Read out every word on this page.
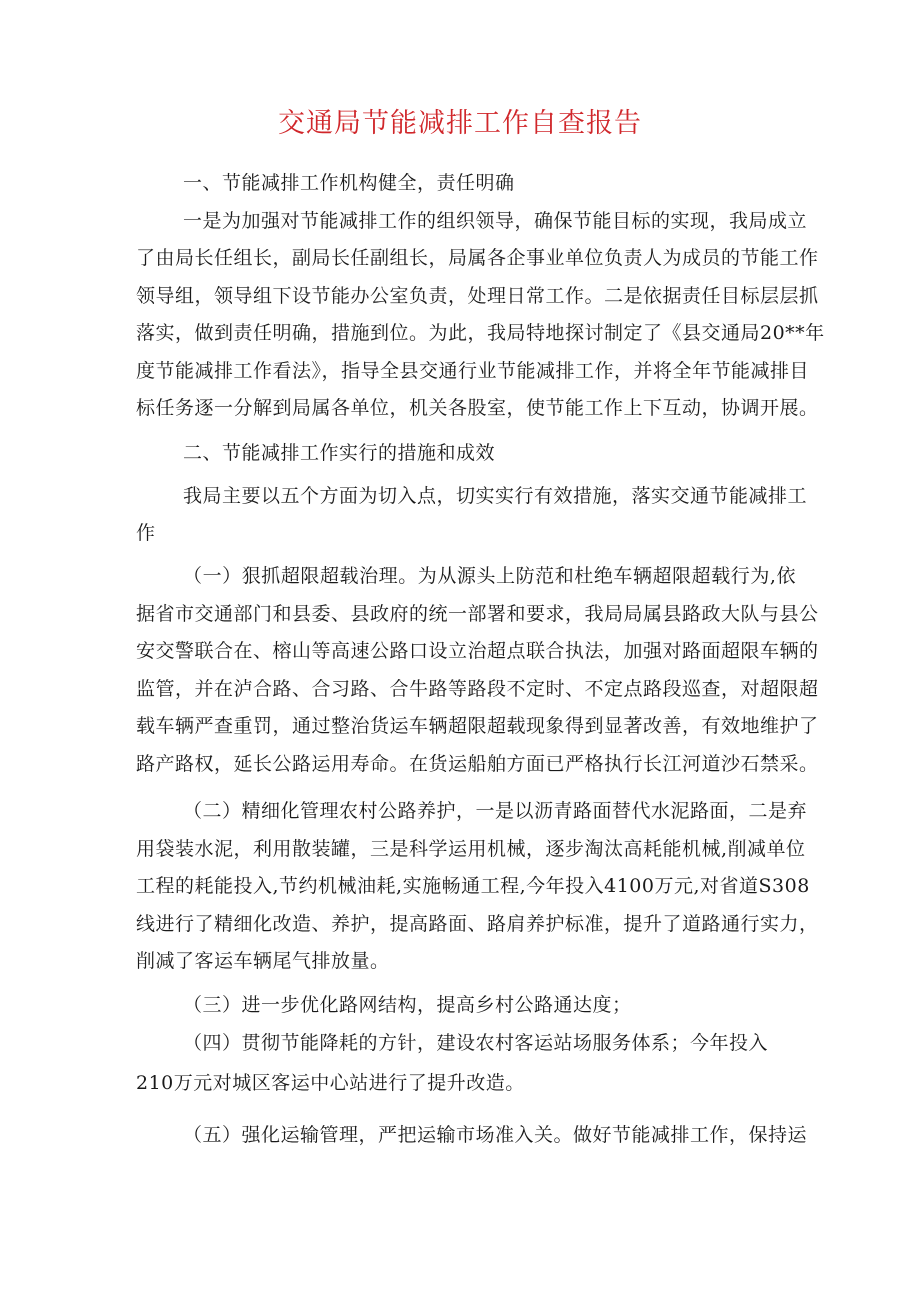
交通局节能减排工作自查报告
一、节能减排工作机构健全，责任明确
一是为加强对节能减排工作的组织领导，确保节能目标的实现，我局成立
了由局长任组长，副局长任副组长，局属各企事业单位负责人为成员的节能工作
领导组，领导组下设节能办公室负责，处理日常工作。二是依据责任目标层层抓
落实，做到责任明确，措施到位。为此，我局特地探讨制定了《县交通局20**年
度节能减排工作看法》，指导全县交通行业节能减排工作，并将全年节能减排目
标任务逐一分解到局属各单位，机关各股室，使节能工作上下互动，协调开展。
二、节能减排工作实行的措施和成效
我局主要以五个方面为切入点，切实实行有效措施，落实交通节能减排工
作
（一）狠抓超限超载治理。为从源头上防范和杜绝车辆超限超载行为,依
据省市交通部门和县委、县政府的统一部署和要求，我局局属县路政大队与县公
安交警联合在、榕山等高速公路口设立治超点联合执法，加强对路面超限车辆的
监管，并在泸合路、合习路、合牛路等路段不定时、不定点路段巡查，对超限超
载车辆严查重罚，通过整治货运车辆超限超载现象得到显著改善，有效地维护了
路产路权，延长公路运用寿命。在货运船舶方面已严格执行长江河道沙石禁采。
（二）精细化管理农村公路养护，一是以沥青路面替代水泥路面，二是弃
用袋装水泥，利用散装罐，三是科学运用机械，逐步淘汰高耗能机械,削减单位
工程的耗能投入,节约机械油耗,实施畅通工程,今年投入4100万元,对省道S308
线进行了精细化改造、养护，提高路面、路肩养护标准，提升了道路通行实力，
削减了客运车辆尾气排放量。
（三）进一步优化路网结构，提高乡村公路通达度；
（四）贯彻节能降耗的方针，建设农村客运站场服务体系；今年投入
210万元对城区客运中心站进行了提升改造。
（五）强化运输管理，严把运输市场准入关。做好节能减排工作，保持运
